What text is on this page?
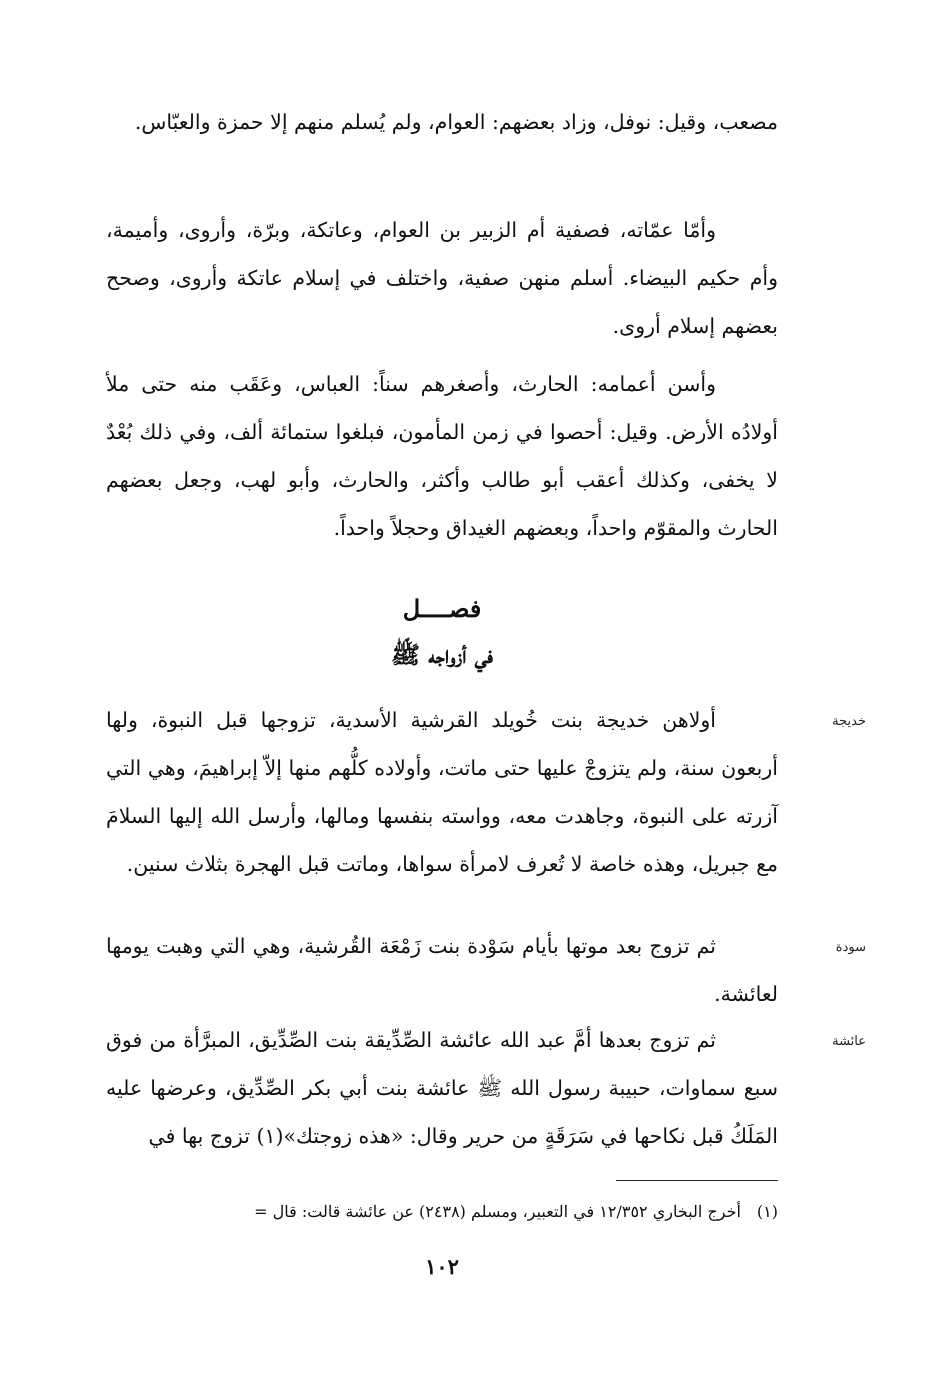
مصعب، وقيل: نوفل، وزاد بعضهم: العوام، ولم يُسلم منهم إلا حمزة والعبّاس.

وأمّا عمّاته، فصفية أم الزبير بن العوام، وعاتكة، وبرّة، وأروى، وأميمة، وأم حكيم البيضاء. أسلم منهن صفية، واختلف في إسلام عاتكة وأروى، وصحح بعضهم إسلام أروى.

وأسن أعمامه: الحارث، وأصغرهم سناً: العباس، وعَقَب منه حتى ملأ أولادُه الأرض. وقيل: أحصوا في زمن المأمون، فبلغوا ستمائة ألف، وفي ذلك بُعْدٌ لا يخفى، وكذلك أعقب أبو طالب وأكثر، والحارث، وأبو لهب، وجعل بعضهم الحارث والمقوّم واحداً، وبعضهم الغيداق وحجلاً واحداً.

فصــــل
في أزواجه ﷺ

خديجة

أولاهن خديجة بنت خُويلد القرشية الأسدية، تزوجها قبل النبوة، ولها أربعون سنة، ولم يتزوجْ عليها حتى ماتت، وأولاده كلُّهم منها إلاّ إبراهيمَ، وهي التي آزرته على النبوة، وجاهدت معه، وواسته بنفسها ومالها، وأرسل الله إليها السلامَ مع جبريل، وهذه خاصة لا تُعرف لامرأة سواها، وماتت قبل الهجرة بثلاث سنين.

سودة

ثم تزوج بعد موتها بأيام سَوْدة بنت زَمْعَة القُرشية، وهي التي وهبت يومها لعائشة.

عائشة

ثم تزوج بعدها أمَّ عبد الله عائشة الصِّدِّيقة بنت الصِّدِّيق، المبرَّأة من فوق سبع سماوات، حبيبة رسول الله ﷺ عائشة بنت أبي بكر الصِّدِّيق، وعرضها عليه المَلَكُ قبل نكاحها في سَرَقَةٍ من حرير وقال: «هذه زوجتك»(١) تزوج بها في

(١)أخرج البخاري ١٢/٣٥٢ في التعبير، ومسلم (٢٤٣٨) عن عائشة قالت: قال =

١٠٢
